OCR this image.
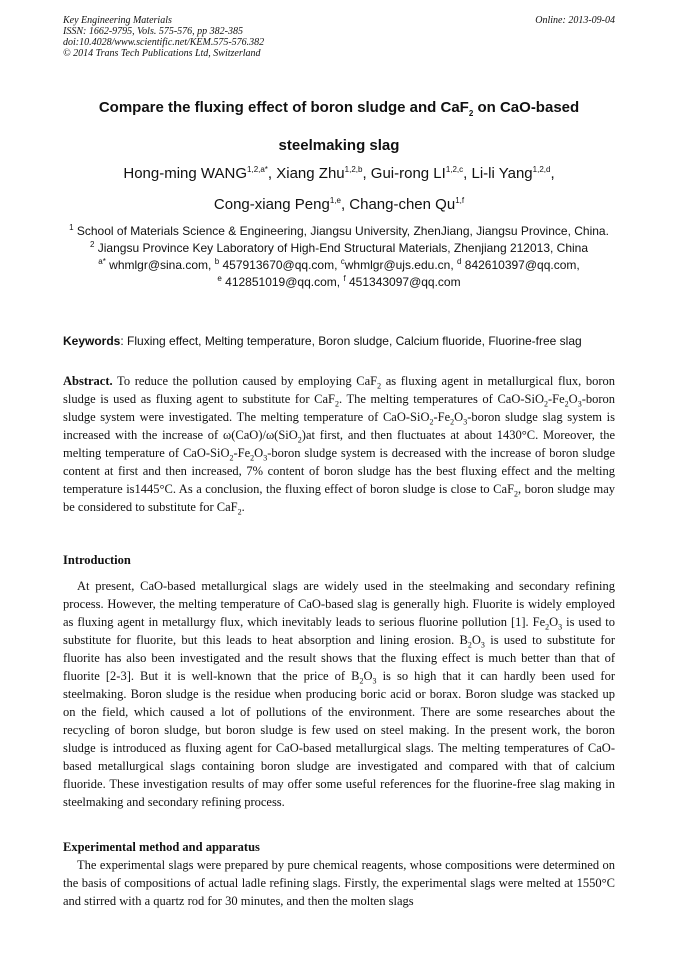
Key Engineering Materials
ISSN: 1662-9795, Vols. 575-576, pp 382-385
doi:10.4028/www.scientific.net/KEM.575-576.382
© 2014 Trans Tech Publications Ltd, Switzerland
Online: 2013-09-04
Compare the fluxing effect of boron sludge and CaF$_2$ on CaO-based steelmaking slag
Hong-ming $WANG^{1,2,a*}$, Xiang Zhu$^{1,2,b}$, Gui-rong LI$^{1,2,c}$, Li-li Yang$^{1,2,d}$,
Cong-xiang Peng$^{1,e}$, Chang-chen Qu$^{1,f}$
$^1$ School of Materials Science & Engineering, Jiangsu University, ZhenJiang, Jiangsu Province, China.
$^2$ Jiangsu Province Key Laboratory of High-End Structural Materials, Zhenjiang 212013, China
$^{a*}$ whmlgr@sina.com, $^b$ 457913670@qq.com, $^c$whmlgr@ujs.edu.cn, $^d$ 842610397@qq.com,
$^e$ 412851019@qq.com, $^f$ 451343097@qq.com
Keywords: Fluxing effect, Melting temperature, Boron sludge, Calcium fluoride, Fluorine-free slag
Abstract. To reduce the pollution caused by employing CaF$_2$ as fluxing agent in metallurgical flux, boron sludge is used as fluxing agent to substitute for CaF$_2$. The melting temperatures of CaO-$SiO_2-Fe_2O_3$-boron sludge system were investigated. The melting temperature of CaO-$SiO_2-Fe_2O_3$-boron sludge slag system is increased with the increase of ω(CaO)/ω(SiO$_2$)at first, and then fluctuates at about 1430°C. Moreover, the melting temperature of CaO-$SiO_2-Fe_2O_3$-boron sludge system is decreased with the increase of boron sludge content at first and then increased, 7% content of boron sludge has the best fluxing effect and the melting temperature is1445°C. As a conclusion, the fluxing effect of boron sludge is close to CaF$_2$, boron sludge may be considered to substitute for CaF$_2$.
Introduction
At present, CaO-based metallurgical slags are widely used in the steelmaking and secondary refining process. However, the melting temperature of CaO-based slag is generally high. Fluorite is widely employed as fluxing agent in metallurgy flux, which inevitably leads to serious fluorine pollution [1]. $Fe_2O_3$ is used to substitute for fluorite, but this leads to heat absorption and lining erosion. $B_2O_3$ is used to substitute for fluorite has also been investigated and the result shows that the fluxing effect is much better than that of fluorite [2-3]. But it is well-known that the price of $B_2O_3$ is so high that it can hardly been used for steelmaking. Boron sludge is the residue when producing boric acid or borax. Boron sludge was stacked up on the field, which caused a lot of pollutions of the environment. There are some researches about the recycling of boron sludge, but boron sludge is few used on steel making. In the present work, the boron sludge is introduced as fluxing agent for CaO-based metallurgical slags. The melting temperatures of CaO-based metallurgical slags containing boron sludge are investigated and compared with that of calcium fluoride. These investigation results of may offer some useful references for the fluorine-free slag making in steelmaking and secondary refining process.
Experimental method and apparatus
The experimental slags were prepared by pure chemical reagents, whose compositions were determined on the basis of compositions of actual ladle refining slags. Firstly, the experimental slags were melted at 1550°C and stirred with a quartz rod for 30 minutes, and then the molten slags
